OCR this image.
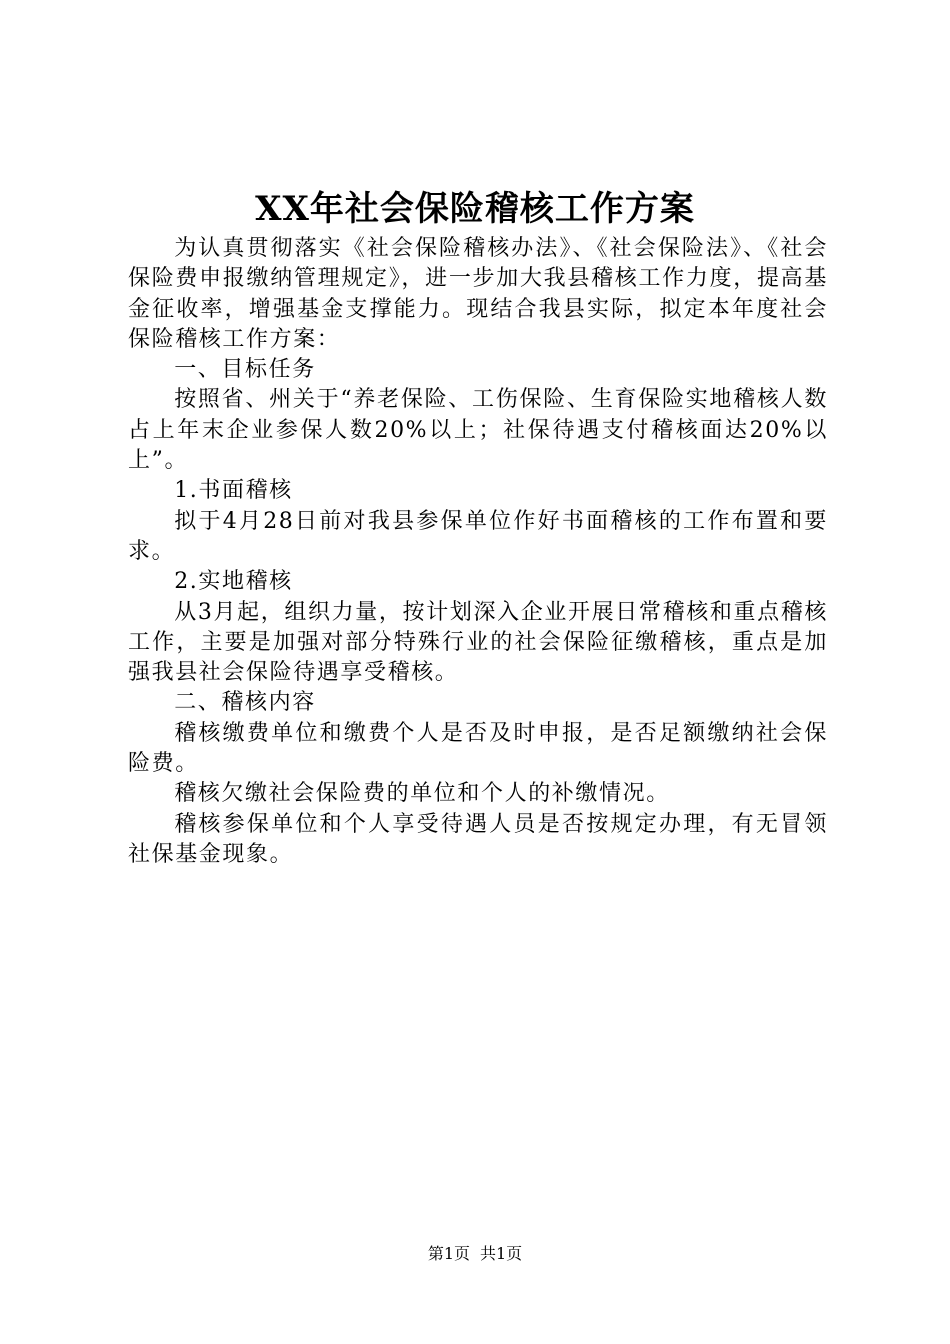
XX年社会保险稽核工作方案

为认真贯彻落实《社会保险稽核办法》、《社会保险法》、《社会保险费申报缴纳管理规定》，进一步加大我县稽核工作力度，提高基金征收率，增强基金支撑能力。现结合我县实际，拟定本年度社会保险稽核工作方案：

一、目标任务

按照省、州关于“养老保险、工伤保险、生育保险实地稽核人数占上年末企业参保人数20%以上；社保待遇支付稽核面达20%以上”。

1.书面稽核

拟于4月28日前对我县参保单位作好书面稽核的工作布置和要求。

2.实地稽核

从3月起，组织力量，按计划深入企业开展日常稽核和重点稽核工作，主要是加强对部分特殊行业的社会保险征缴稽核，重点是加强我县社会保险待遇享受稽核。

二、稽核内容

稽核缴费单位和缴费个人是否及时申报，是否足额缴纳社会保险费。

稽核欠缴社会保险费的单位和个人的补缴情况。

稽核参保单位和个人享受待遇人员是否按规定办理，有无冒领社保基金现象。

第1页 共1页
